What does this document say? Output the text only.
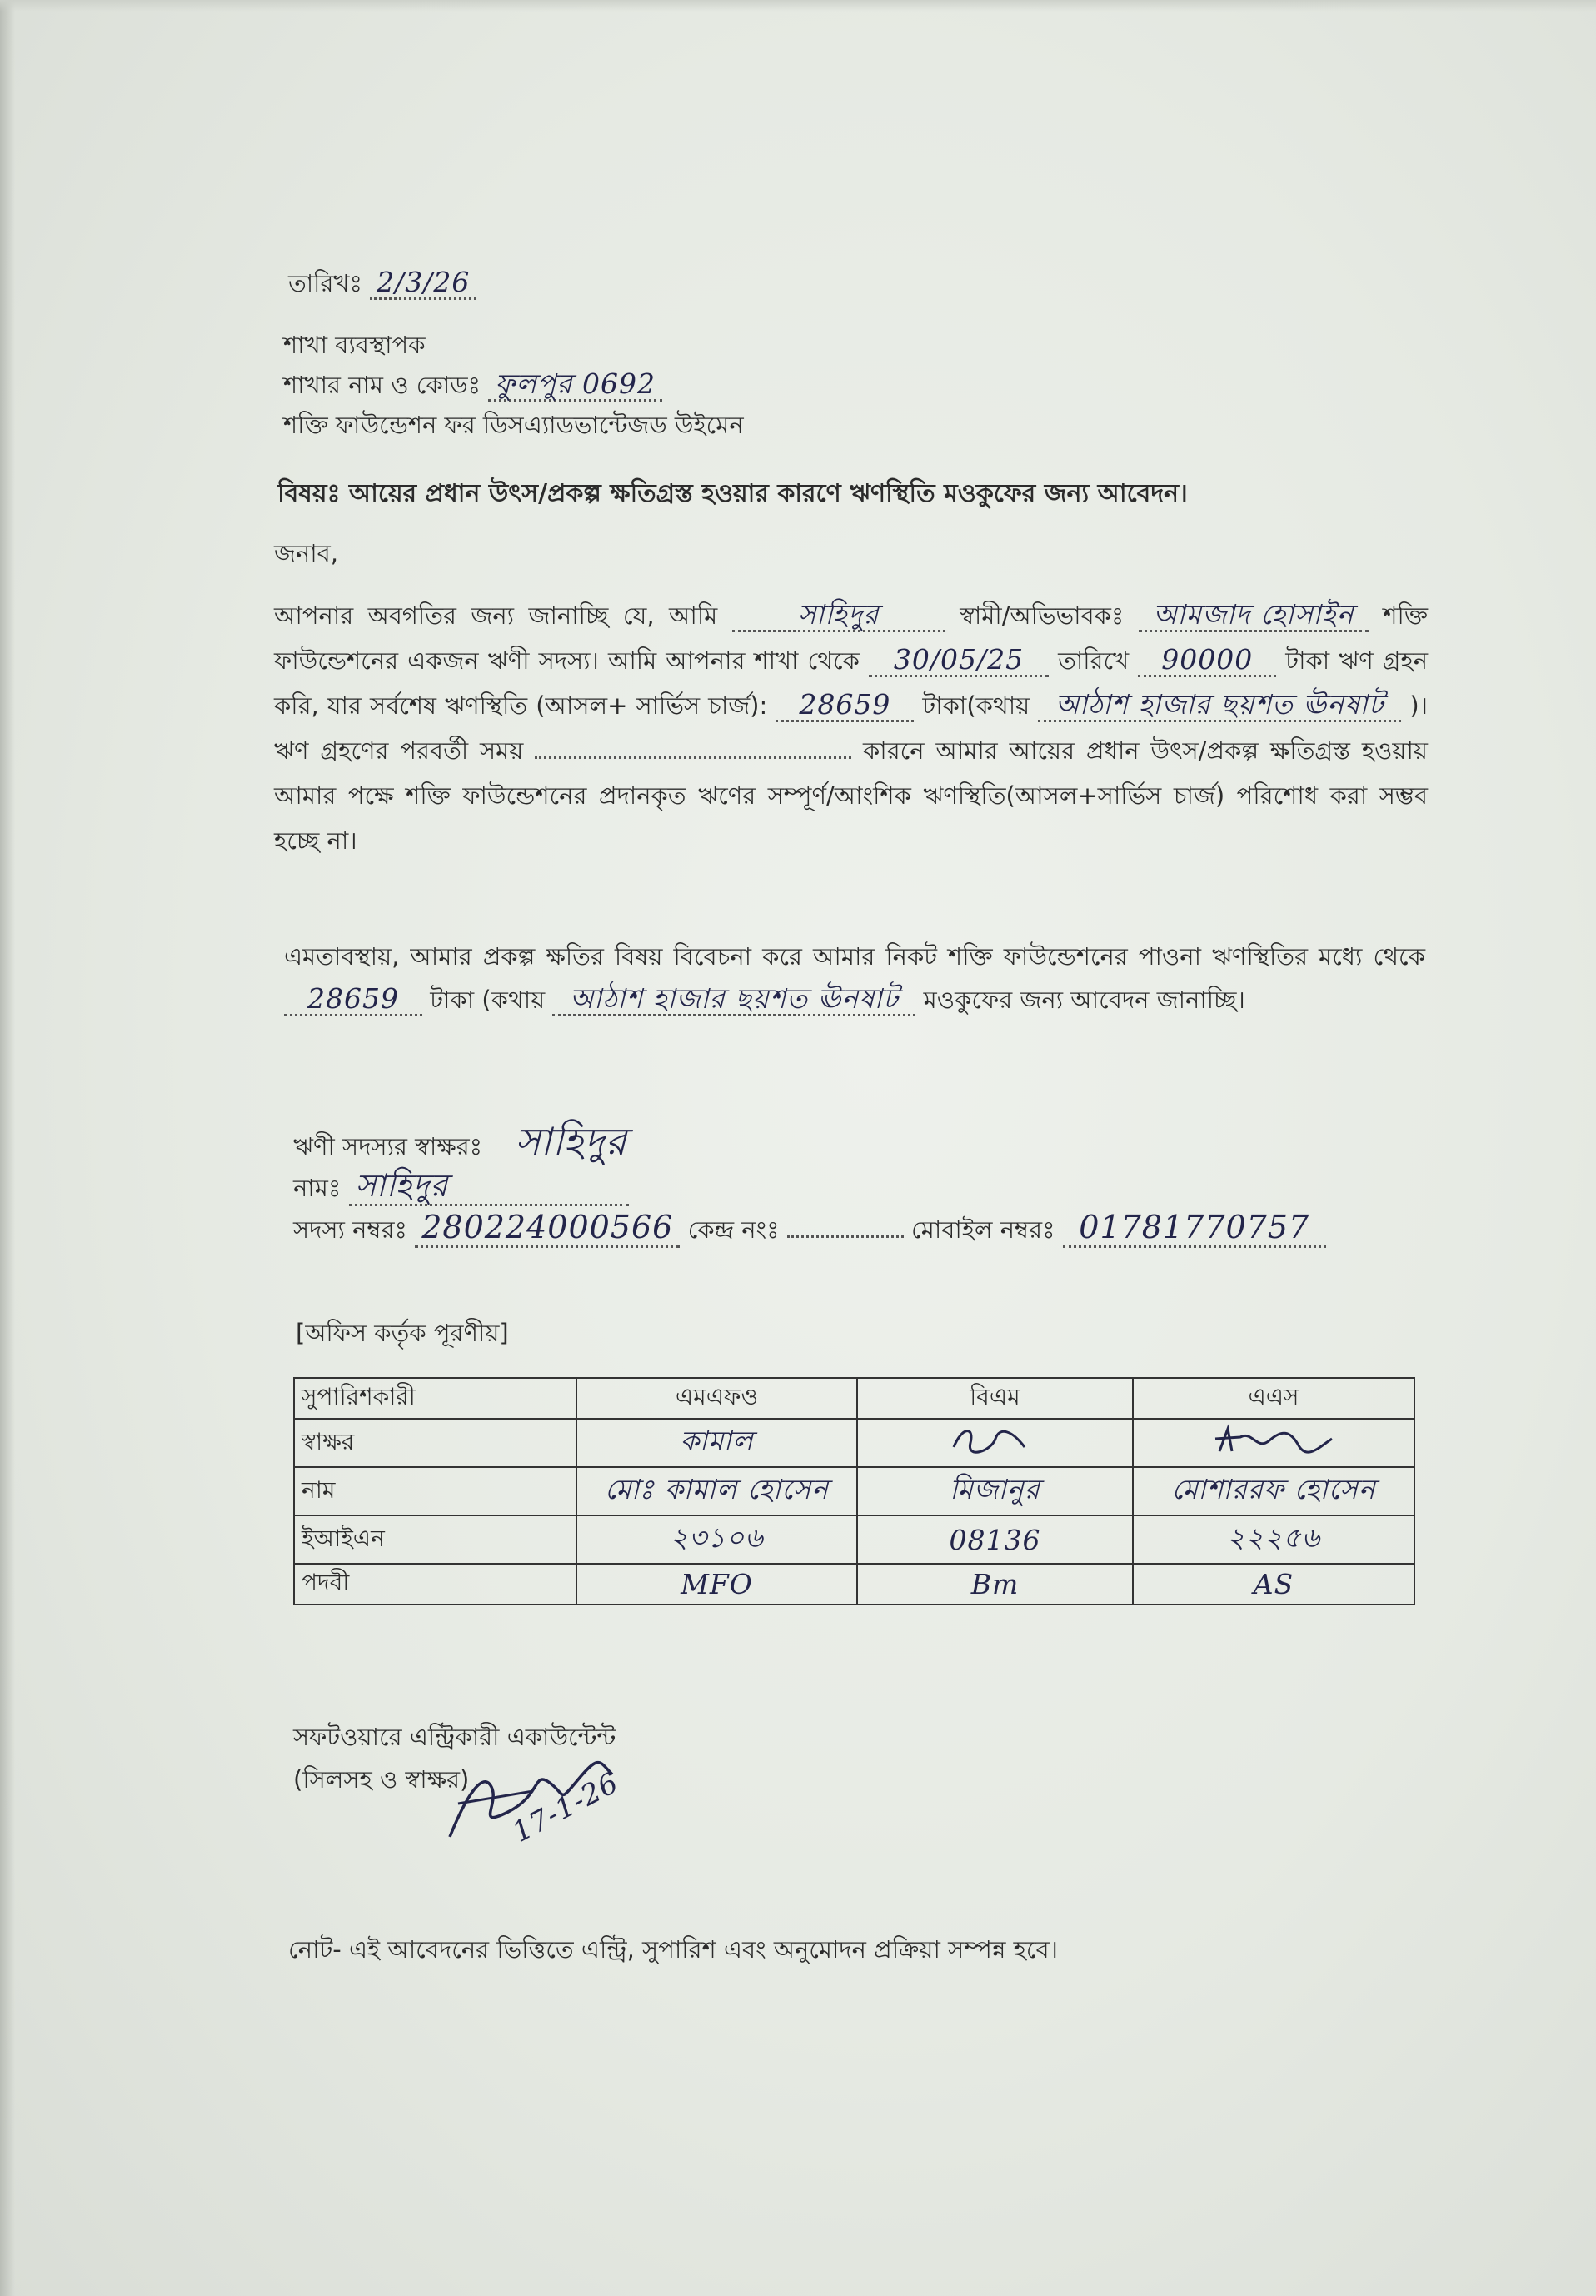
তারিখঃ 2/3/26
শাখা ব্যবস্থাপক
শাখার নাম ও কোডঃ ফুলপুর 0692
শক্তি ফাউন্ডেশন ফর ডিসএ্যাডভান্টেজড উইমেন
বিষয়ঃ আয়ের প্রধান উৎস/প্রকল্প ক্ষতিগ্রস্ত হওয়ার কারণে ঋণস্থিতি মওকুফের জন্য আবেদন।
জনাব,
আপনার অবগতির জন্য জানাচ্ছি যে, আমি	সাহিদুর	স্বামী/অভিভাবকঃ আমজাদ হোসাইন শক্তি ফাউন্ডেশনের একজন ঋণী সদস্য। আমি আপনার শাখা থেকে 30/05/25 তারিখে 90000 টাকা ঋণ গ্রহন করি, যার সর্বশেষ ঋণস্থিতি (আসল+ সার্ভিস চার্জ): 28659 টাকা(কথায় আঠাশ হাজার ছয়শত ঊনষাট )। ঋণ গ্রহণের পরবর্তী সময়	কারনে আমার আয়ের প্রধান উৎস/প্রকল্প ক্ষতিগ্রস্ত হওয়ায় আমার পক্ষে শক্তি ফাউন্ডেশনের প্রদানকৃত ঋণের সম্পূর্ণ/আংশিক ঋণস্থিতি(আসল+সার্ভিস চার্জ) পরিশোধ করা সম্ভব হচ্ছে না।
এমতাবস্থায়, আমার প্রকল্প ক্ষতির বিষয় বিবেচনা করে আমার নিকট শক্তি ফাউন্ডেশনের পাওনা ঋণস্থিতির মধ্যে থেকে 28659 টাকা (কথায় আঠাশ হাজার ছয়শত ঊনষাট মওকুফের জন্য আবেদন জানাচ্ছি।
ঋণী সদস্যর স্বাক্ষরঃ সাহিদুর
নামঃ সাহিদুর
সদস্য নম্বরঃ 280224000566 কেন্দ্র নংঃ	মোবাইল নম্বরঃ 01781770757
[অফিস কর্তৃক পূরণীয়]
সুপারিশকারী	এমএফও	বিএম	এএস
স্বাক্ষর	কামাল		
নাম	মোঃ কামাল হোসেন	মিজানুর	মোশাররফ হোসেন
ইআইএন	২৩১০৬	08136	২২২৫৬
পদবী	MFO	Bm	AS
সফটওয়ারে এন্ট্রিকারী একাউন্টেন্ট
(সিলসহ ও স্বাক্ষর)	17-1-26
নোট- এই আবেদনের ভিত্তিতে এন্ট্রি, সুপারিশ এবং অনুমোদন প্রক্রিয়া সম্পন্ন হবে।
